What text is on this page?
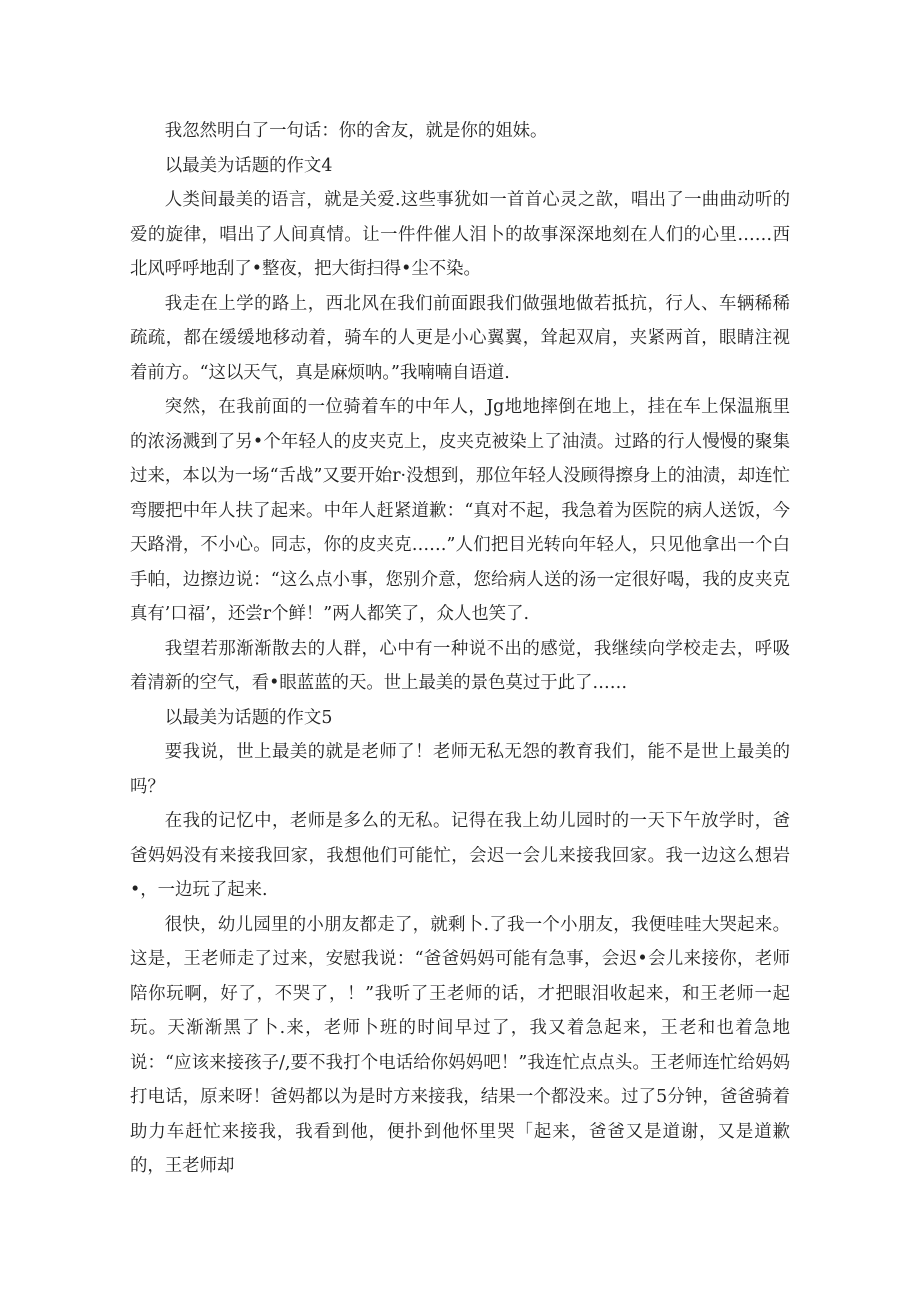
我忽然明白了一句话：你的舍友，就是你的姐妹。

以最美为话题的作文4

人类间最美的语言，就是关爱.这些事犹如一首首心灵之歆，唱出了一曲曲动听的爱的旋律，唱出了人间真情。让一件件催人泪卜的故事深深地刻在人们的心里……西北风呼呼地刮了•整夜，把大街扫得•尘不染。

我走在上学的路上，西北风在我们前面跟我们做强地做若抵抗，行人、车辆稀稀疏疏，都在缓缓地移动着，骑车的人更是小心翼翼，耸起双肩，夹紧两首，眼睛注视着前方。“这以天气，真是麻烦呐。”我喃喃自语道.

突然，在我前面的一位骑着车的中年人，Jg地地摔倒在地上，挂在车上保温瓶里的浓汤溅到了另•个年轻人的皮夹克上，皮夹克被染上了油渍。过路的行人慢慢的聚集过来，本以为一场“舌战”又要开始r·没想到，那位年轻人没顾得擦身上的油渍，却连忙弯腰把中年人扶了起来。中年人赶紧道歉：“真对不起，我急着为医院的病人送饭，今天路滑，不小心。同志，你的皮夹克……”人们把目光转向年轻人，只见他拿出一个白手帕，边擦边说：“这么点小事，您别介意，您给病人送的汤一定很好喝，我的皮夹克真有’口福’，还尝r个鲜！”两人都笑了，众人也笑了.

我望若那渐渐散去的人群，心中有一种说不出的感觉，我继续向学校走去，呼吸着清新的空气，看•眼蓝蓝的天。世上最美的景色莫过于此了……

以最美为话题的作文5

要我说，世上最美的就是老师了！老师无私无怨的教育我们，能不是世上最美的吗？

在我的记忆中，老师是多么的无私。记得在我上幼儿园时的一天下午放学时，爸爸妈妈没有来接我回家，我想他们可能忙，会迟一会儿来接我回家。我一边这么想岩•，一边玩了起来.

很快，幼儿园里的小朋友都走了，就剩卜.了我一个小朋友，我便哇哇大哭起来。这是，王老师走了过来，安慰我说：“爸爸妈妈可能有急事，会迟•会儿来接你，老师陪你玩啊，好了，不哭了，！”我听了王老师的话，才把眼泪收起来，和王老师一起玩。天渐渐黑了卜.来，老师卜班的时间早过了，我又着急起来，王老和也着急地说：“应该来接孩子/,要不我打个电话给你妈妈吧！”我连忙点点头。王老师连忙给妈妈打电话，原来呀！爸妈都以为是时方来接我，结果一个都没来。过了5分钟，爸爸骑着助力车赶忙来接我，我看到他，便扑到他怀里哭「起来，爸爸又是道谢，又是道歉的，王老师却
